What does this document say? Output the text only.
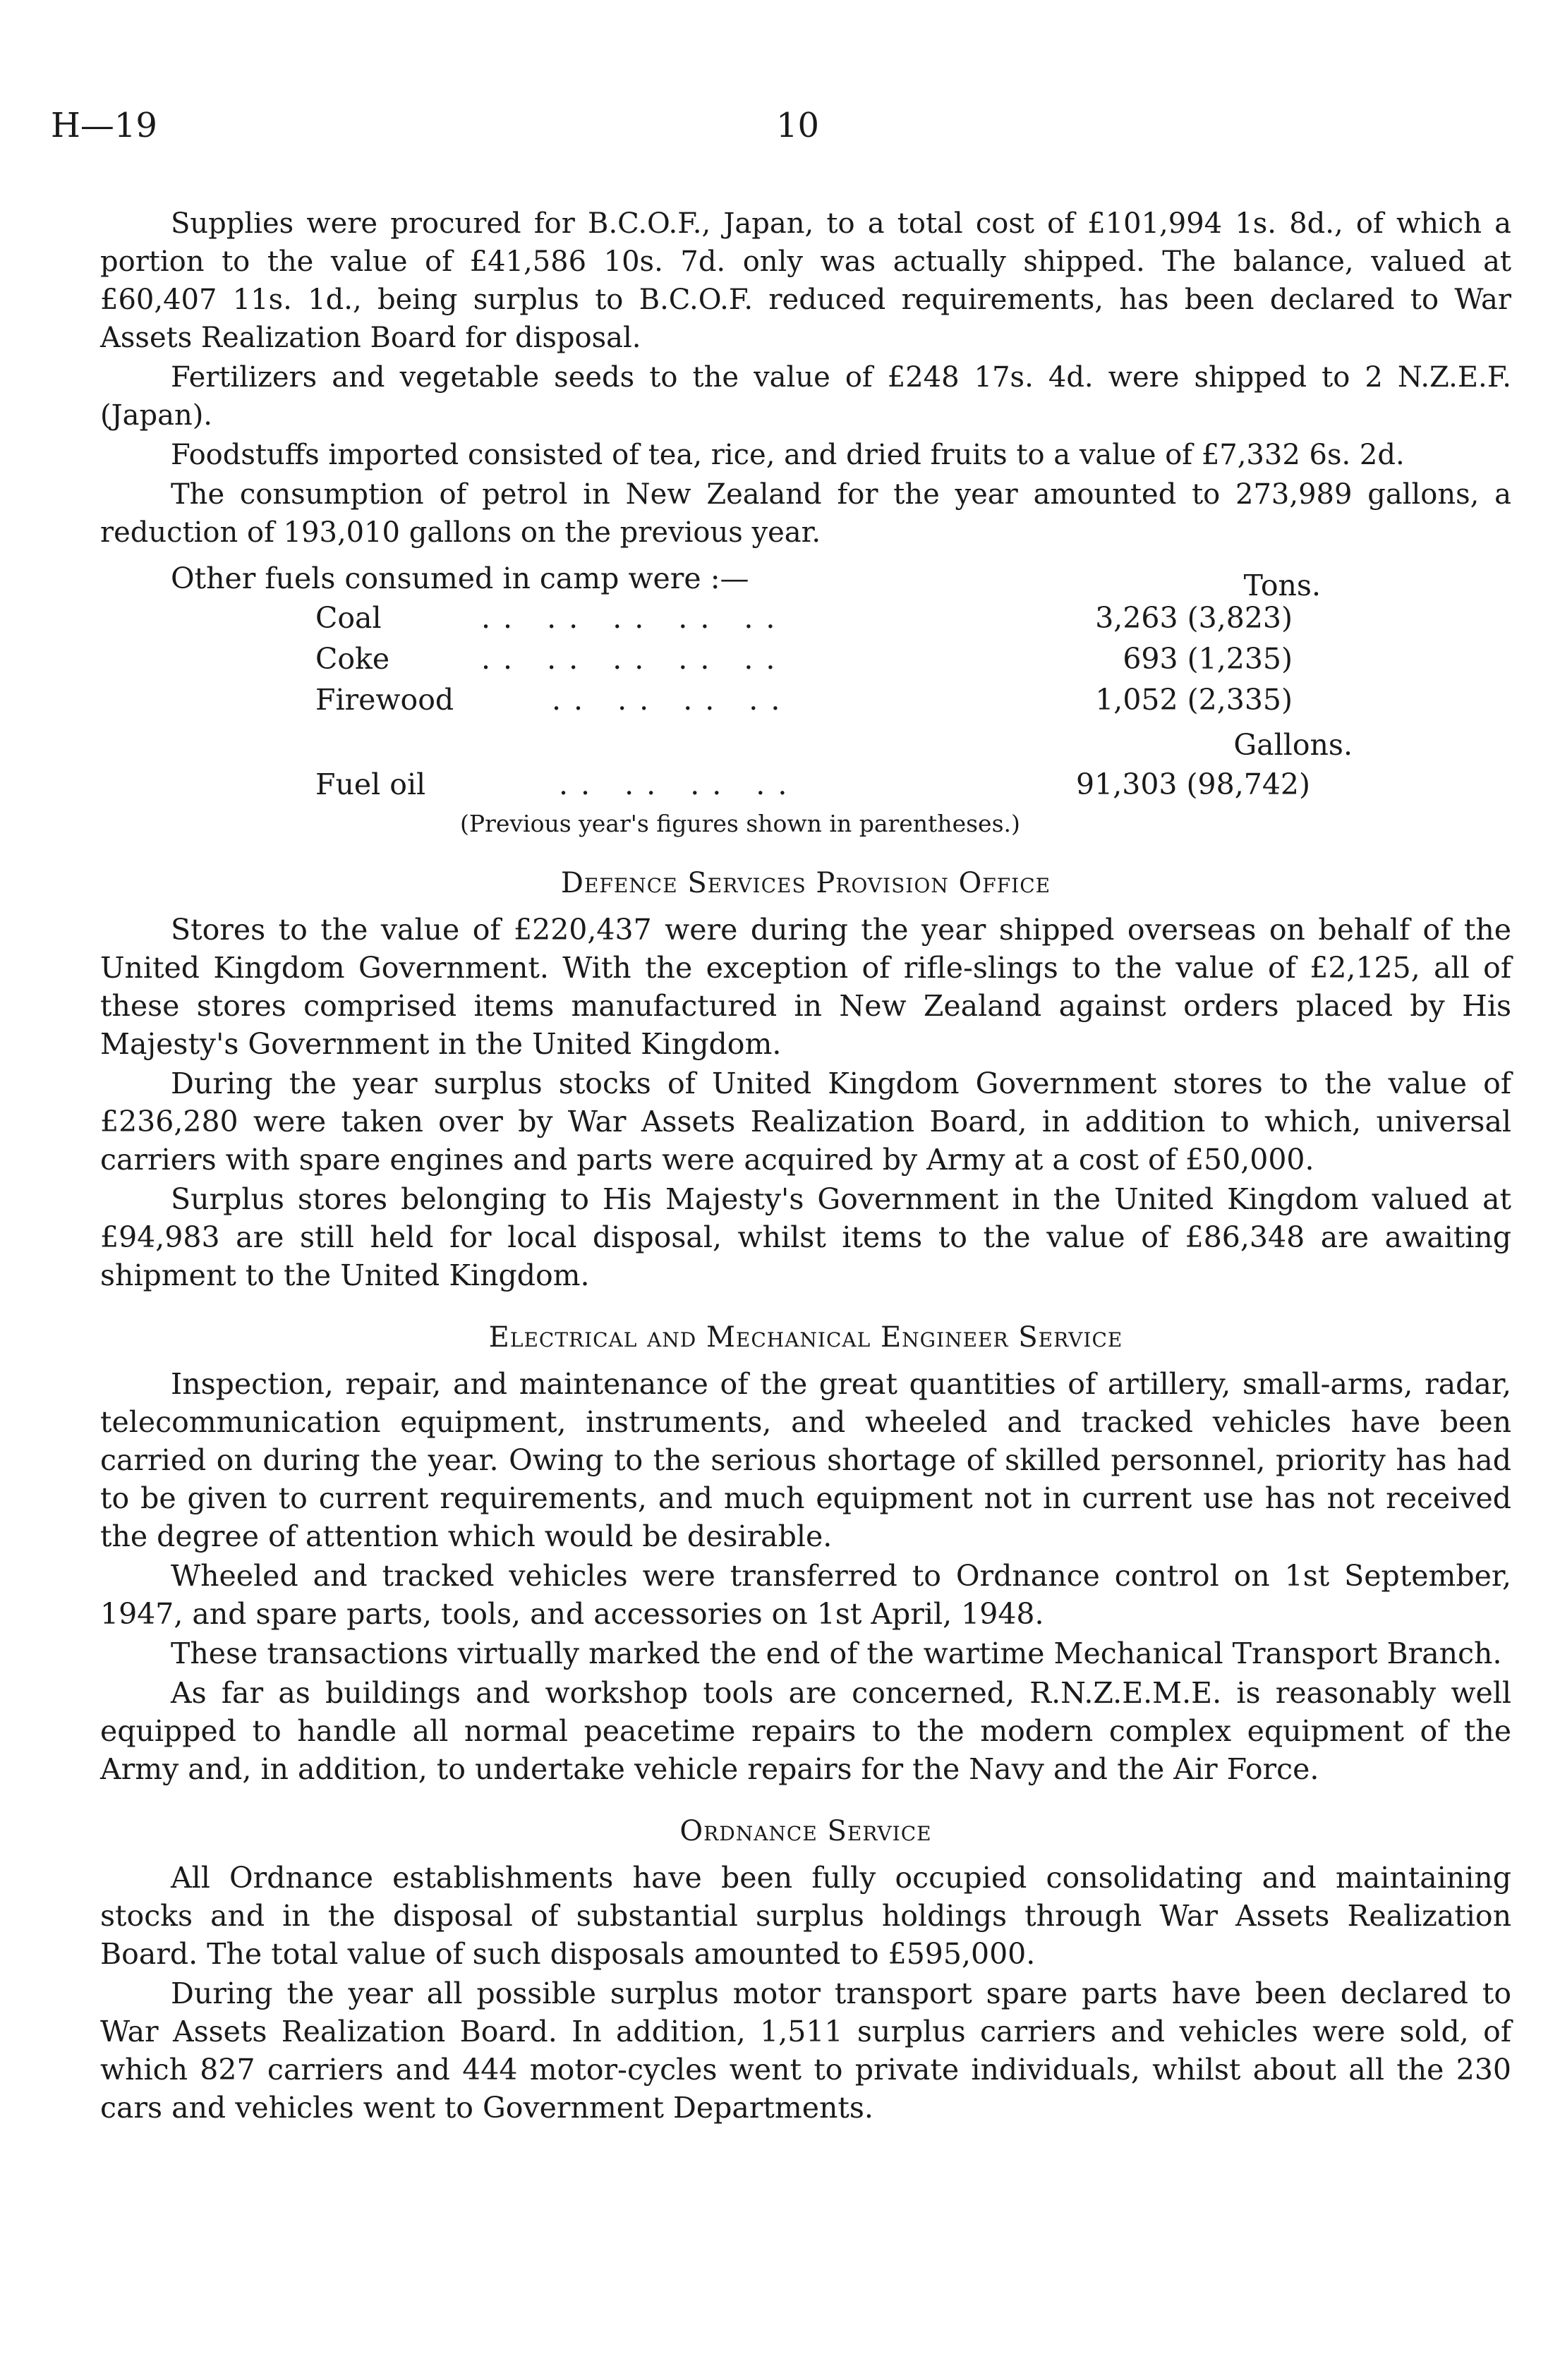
H—19	10

Supplies were procured for B.C.O.F., Japan, to a total cost of £101,994 1s. 8d., of which a portion to the value of £41,586 10s. 7d. only was actually shipped. The balance, valued at £60,407 11s. 1d., being surplus to B.C.O.F. reduced requirements, has been declared to War Assets Realization Board for disposal.

Fertilizers and vegetable seeds to the value of £248 17s. 4d. were shipped to 2 N.Z.E.F. (Japan).

Foodstuffs imported consisted of tea, rice, and dried fruits to a value of £7,332 6s. 2d.

The consumption of petrol in New Zealand for the year amounted to 273,989 gallons, a reduction of 193,010 gallons on the previous year.

Other fuels consumed in camp were :—	Tons.
Coal	.. .. .. .. ..	3,263 (3,823)
Coke	.. .. .. .. ..	693 (1,235)
Firewood	.. .. .. ..	1,052 (2,335)
Gallons.
Fuel oil	.. .. .. ..	91,303 (98,742)
(Previous year's figures shown in parentheses.)
Defence Services Provision Office

Stores to the value of £220,437 were during the year shipped overseas on behalf of the United Kingdom Government. With the exception of rifle-slings to the value of £2,125, all of these stores comprised items manufactured in New Zealand against orders placed by His Majesty's Government in the United Kingdom.

During the year surplus stocks of United Kingdom Government stores to the value of £236,280 were taken over by War Assets Realization Board, in addition to which, universal carriers with spare engines and parts were acquired by Army at a cost of £50,000.

Surplus stores belonging to His Majesty's Government in the United Kingdom valued at £94,983 are still held for local disposal, whilst items to the value of £86,348 are awaiting shipment to the United Kingdom.

Electrical and Mechanical Engineer Service

Inspection, repair, and maintenance of the great quantities of artillery, small-arms, radar, telecommunication equipment, instruments, and wheeled and tracked vehicles have been carried on during the year. Owing to the serious shortage of skilled personnel, priority has had to be given to current requirements, and much equipment not in current use has not received the degree of attention which would be desirable.

Wheeled and tracked vehicles were transferred to Ordnance control on 1st September, 1947, and spare parts, tools, and accessories on 1st April, 1948.

These transactions virtually marked the end of the wartime Mechanical Transport Branch.

As far as buildings and workshop tools are concerned, R.N.Z.E.M.E. is reasonably well equipped to handle all normal peacetime repairs to the modern complex equipment of the Army and, in addition, to undertake vehicle repairs for the Navy and the Air Force.

Ordnance Service

All Ordnance establishments have been fully occupied consolidating and maintaining stocks and in the disposal of substantial surplus holdings through War Assets Realization Board. The total value of such disposals amounted to £595,000.

During the year all possible surplus motor transport spare parts have been declared to War Assets Realization Board. In addition, 1,511 surplus carriers and vehicles were sold, of which 827 carriers and 444 motor-cycles went to private individuals, whilst about all the 230 cars and vehicles went to Government Departments.
